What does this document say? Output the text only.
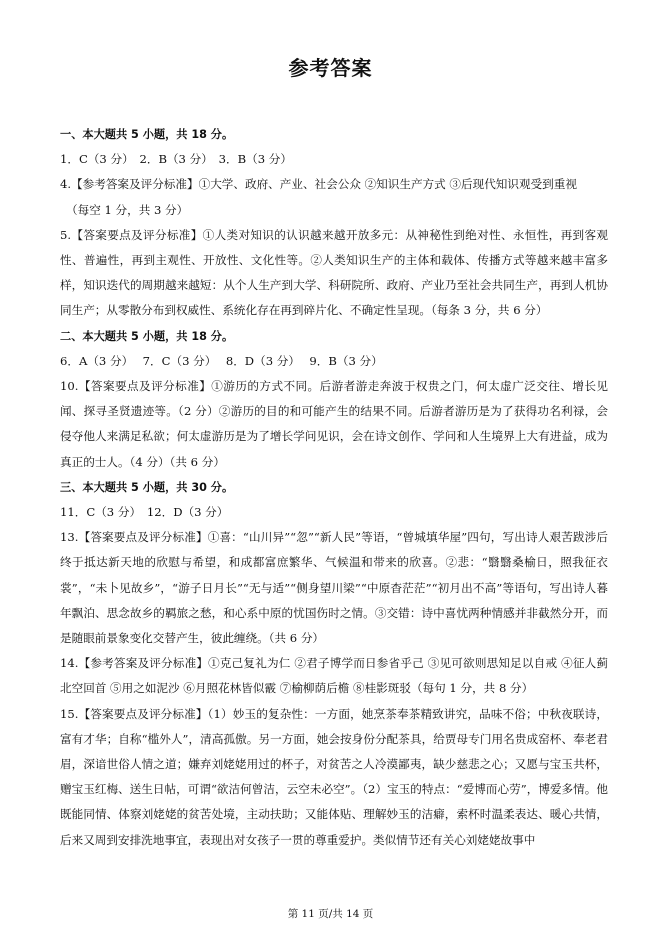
参考答案

一、本大题共 5 小题，共 18 分。

1．C（3 分）　2．B（3 分）　3．B（3 分）

4.【参考答案及评分标准】①大学、政府、产业、社会公众 ②知识生产方式 ③后现代知识观受到重视

（每空 1 分，共 3 分）

5.【答案要点及评分标准】①人类对知识的认识越来越开放多元：从神秘性到绝对性、永恒性，再到客观性、普遍性，再到主观性、开放性、文化性等。②人类知识生产的主体和载体、传播方式等越来越丰富多样，知识迭代的周期越来越短：从个人生产到大学、科研院所、政府、产业乃至社会共同生产，再到人机协同生产；从零散分布到权威性、系统化存在再到碎片化、不确定性呈现。（每条 3 分，共 6 分）

二、本大题共 5 小题，共 18 分。

6．A（3 分）　 7．C（3 分）　 8．D（3 分）　 9．B（3 分）

10.【答案要点及评分标准】①游历的方式不同。后游者游走奔波于权贵之门，何太虚广泛交往、增长见闻、探寻圣贤遗迹等。（2 分）②游历的目的和可能产生的结果不同。后游者游历是为了获得功名利禄，会侵夺他人来满足私欲；何太虚游历是为了增长学问见识，会在诗文创作、学问和人生境界上大有进益，成为真正的士人。（4 分）（共 6 分）

三、本大题共 5 小题，共 30 分。

11．C（3 分）　12．D（3 分）

13.【答案要点及评分标准】①喜：“山川异”“忽”“新人民”等语，“曾城填华屋”四句，写出诗人艰苦跋涉后终于抵达新天地的欣慰与希望，和成都富庶繁华、气候温和带来的欣喜。②悲：“翳翳桑榆日，照我征衣裳”，“未卜见故乡”，“游子日月长”“无与适”“侧身望川梁”“中原杳茫茫”“初月出不高”等语句，写出诗人暮年飘泊、思念故乡的羁旅之愁，和心系中原的忧国伤时之情。③交错：诗中喜忧两种情感并非截然分开，而是随眼前景象变化交替产生，彼此缠绕。（共 6 分）

14.【参考答案及评分标准】①克己复礼为仁 ②君子博学而日参省乎己 ③见可欲则思知足以自戒 ④征人蓟北空回首 ⑤用之如泥沙 ⑥月照花林皆似霰 ⑦榆柳荫后檐 ⑧桂影斑驳（每句 1 分，共 8 分）

15.【答案要点及评分标准】（1）妙玉的复杂性：一方面，她烹茶奉茶精致讲究，品味不俗；中秋夜联诗，富有才华；自称“槛外人”，清高孤傲。另一方面，她会按身份分配茶具，给贾母专门用名贵成窑杯、奉老君眉，深谙世俗人情之道；嫌弃刘姥姥用过的杯子，对贫苦之人冷漠鄙夷，缺少慈悲之心；又愿与宝玉共杯，赠宝玉红梅、送生日帖，可谓“欲洁何曾洁，云空未必空”。（2）宝玉的特点：“爱博而心劳”，博爱多情。他既能同情、体察刘姥姥的贫苦处境，主动扶助；又能体贴、理解妙玉的洁癖，索杯时温柔表达、暖心共情，后来又周到安排洗地事宜，表现出对女孩子一贯的尊重爱护。类似情节还有关心刘姥姥故事中

第 11 页/共 14 页
